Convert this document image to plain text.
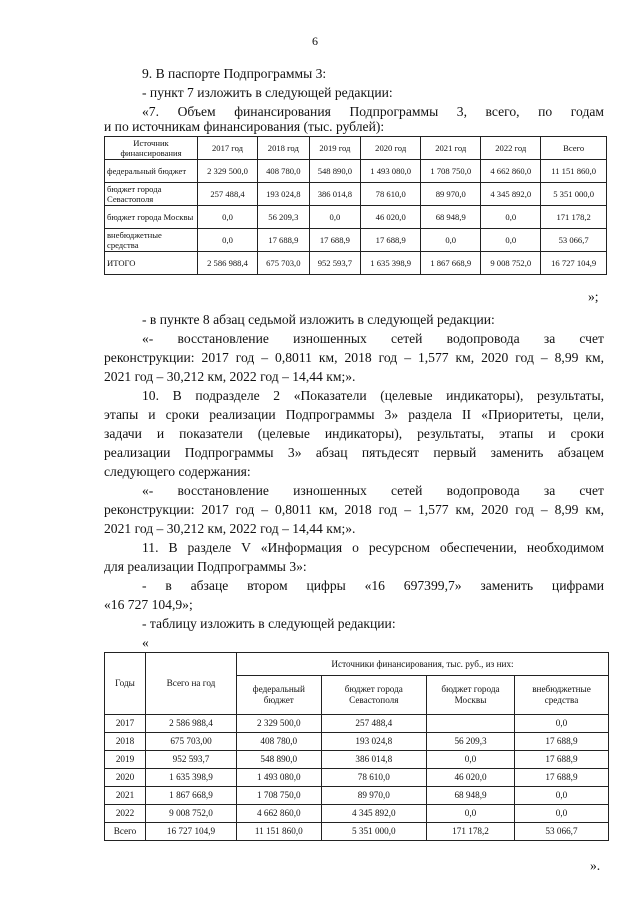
6
9. В паспорте Подпрограммы 3:
- пункт 7 изложить в следующей редакции:
«7. Объем финансирования Подпрограммы 3, всего, по годам
и по источникам финансирования (тыс. рублей):
Источник финансирования	2017 год	2018 год	2019 год	2020 год	2021 год	2022 год	Всего
федеральный бюджет	2 329 500,0	408 780,0	548 890,0	1 493 080,0	1 708 750,0	4 662 860,0	11 151 860,0
бюджет города Севастополя	257 488,4	193 024,8	386 014,8	78 610,0	89 970,0	4 345 892,0	5 351 000,0
бюджет города Москвы	0,0	56 209,3	0,0	46 020,0	68 948,9	0,0	171 178,2
внебюджетные средства	0,0	17 688,9	17 688,9	17 688,9	0,0	0,0	53 066,7
ИТОГО	2 586 988,4	675 703,0	952 593,7	1 635 398,9	1 867 668,9	9 008 752,0	16 727 104,9
»;
- в пункте 8 абзац седьмой изложить в следующей редакции:
«- восстановление изношенных сетей водопровода за счет
реконструкции: 2017 год – 0,8011 км, 2018 год – 1,577 км, 2020 год – 8,99 км,
2021 год – 30,212 км, 2022 год – 14,44 км;».
10. В подразделе 2 «Показатели (целевые индикаторы), результаты,
этапы и сроки реализации Подпрограммы 3» раздела II «Приоритеты, цели,
задачи и показатели (целевые индикаторы), результаты, этапы и сроки
реализации Подпрограммы 3» абзац пятьдесят первый заменить абзацем
следующего содержания:
«- восстановление изношенных сетей водопровода за счет
реконструкции: 2017 год – 0,8011 км, 2018 год – 1,577 км, 2020 год – 8,99 км,
2021 год – 30,212 км, 2022 год – 14,44 км;».
11. В разделе V «Информация о ресурсном обеспечении, необходимом
для реализации Подпрограммы 3»:
- в абзаце втором цифры «16 697399,7» заменить цифрами
«16 727 104,9»;
- таблицу изложить в следующей редакции:
«
Годы	Всего на год	Источники финансирования, тыс. руб., из них:			
		федеральный бюджет	бюджет города Севастополя	бюджет города Москвы	внебюджетные средства
2017	2 586 988,4	2 329 500,0	257 488,4		0,0
2018	675 703,00	408 780,0	193 024,8	56 209,3	17 688,9
2019	952 593,7	548 890,0	386 014,8	0,0	17 688,9
2020	1 635 398,9	1 493 080,0	78 610,0	46 020,0	17 688,9
2021	1 867 668,9	1 708 750,0	89 970,0	68 948,9	0,0
2022	9 008 752,0	4 662 860,0	4 345 892,0	0,0	0,0
Всего	16 727 104,9	11 151 860,0	5 351 000,0	171 178,2	53 066,7
».
